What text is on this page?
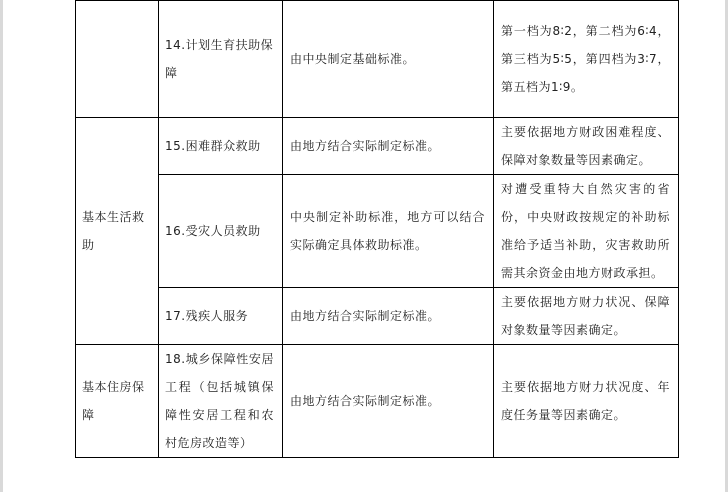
	14.计划生育扶助保障	由中央制定基础标准。	第一档为8∶2，第二档为6∶4，第三档为5∶5，第四档为3∶7，第五档为1∶9。
基本生活救助	15.困难群众救助	由地方结合实际制定标准。	主要依据地方财政困难程度、保障对象数量等因素确定。
	16.受灾人员救助	中央制定补助标准，地方可以结合实际确定具体救助标准。	对遭受重特大自然灾害的省份，中央财政按规定的补助标准给予适当补助，灾害救助所需其余资金由地方财政承担。
	17.残疾人服务	由地方结合实际制定标准。	主要依据地方财力状况、保障对象数量等因素确定。
基本住房保障	18.城乡保障性安居工程（包括城镇保障性安居工程和农村危房改造等）	由地方结合实际制定标准。	主要依据地方财力状况度、年度任务量等因素确定。
